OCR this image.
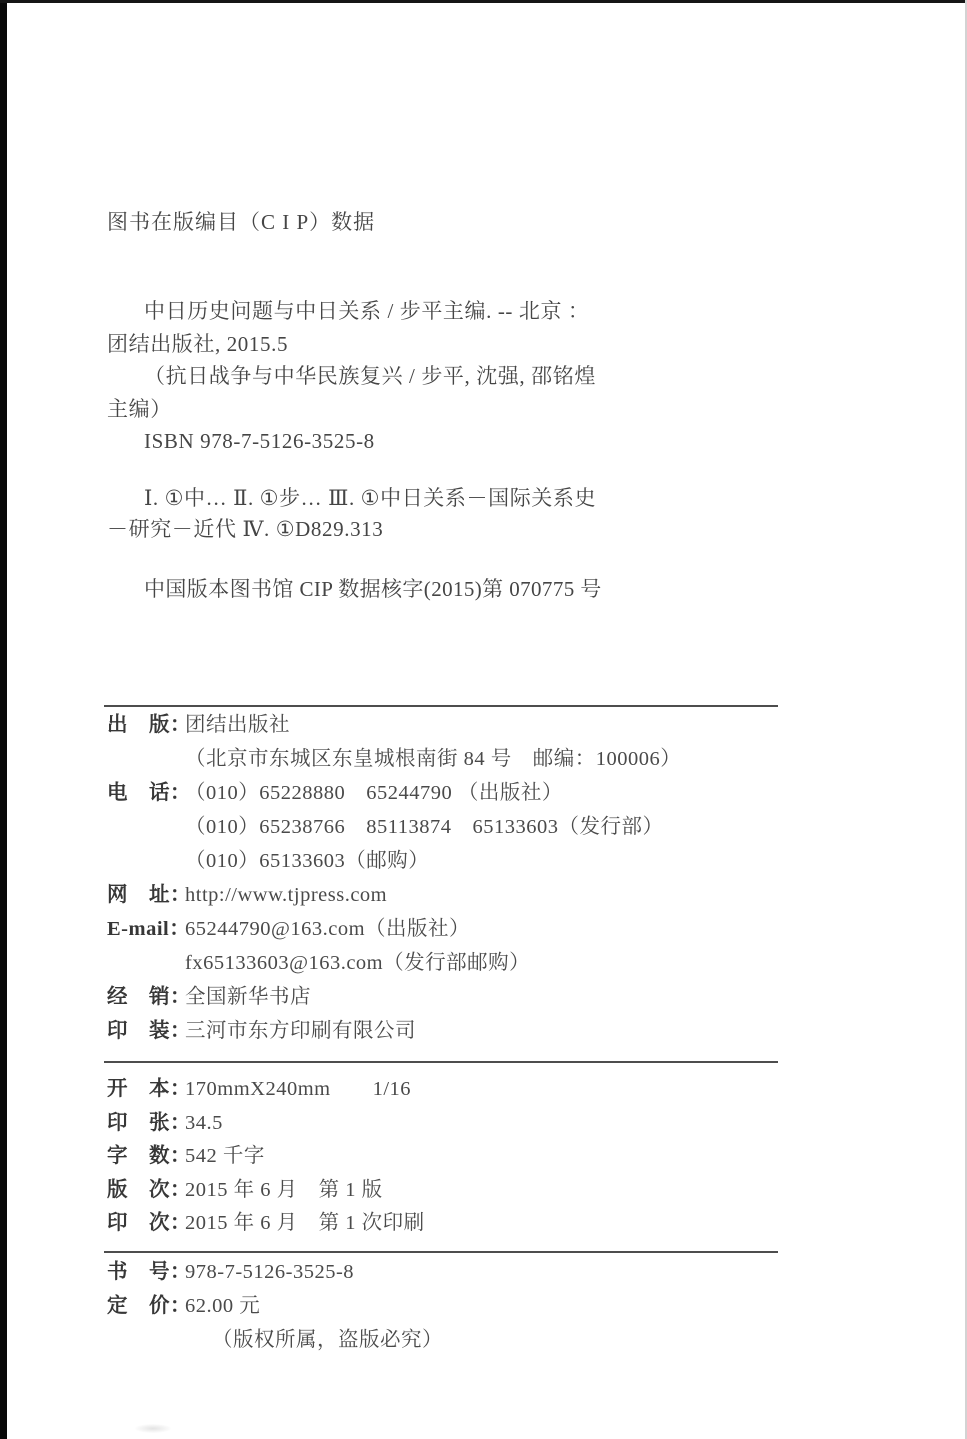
图书在版编目（C I P）数据
中日历史问题与中日关系 / 步平主编. -- 北京 ：
团结出版社, 2015.5
（抗日战争与中华民族复兴 / 步平, 沈强, 邵铭煌
主编）
ISBN 978-7-5126-3525-8
Ⅰ. ①中… Ⅱ. ①步… Ⅲ. ①中日关系－国际关系史
－研究－近代 Ⅳ. ①D829.313
中国版本图书馆 CIP 数据核字(2015)第 070775 号
出　版：团结出版社
（北京市东城区东皇城根南街 84 号　邮编：100006）
电　话：（010）65228880　65244790 （出版社）
（010）65238766　85113874　65133603（发行部）
（010）65133603（邮购）
网　址：http://www.tjpress.com
E-mail：65244790@163.com（出版社）
fx65133603@163.com（发行部邮购）
经　销：全国新华书店
印　装：三河市东方印刷有限公司
开　本：170mmX240mm　　1/16
印　张：34.5
字　数：542 千字
版　次：2015 年 6 月　第 1 版
印　次：2015 年 6 月　第 1 次印刷
书　号：978-7-5126-3525-8
定　价：62.00 元
（版权所属，盗版必究）
